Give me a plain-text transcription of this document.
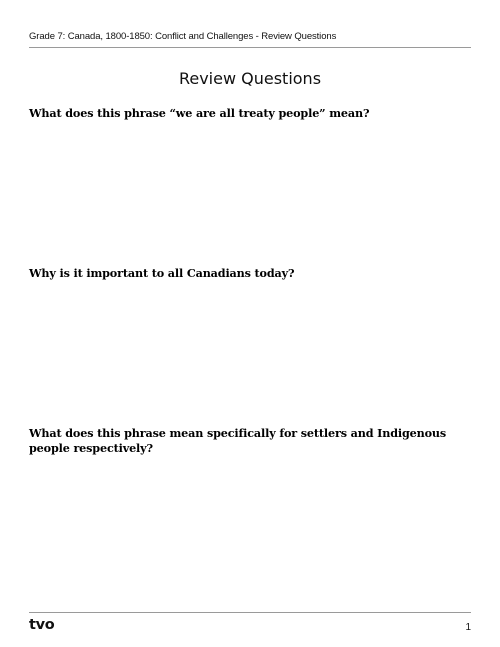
Grade 7: Canada, 1800-1850: Conflict and Challenges - Review Questions
Review Questions

What does this phrase “we are all treaty people” mean?

Why is it important to all Canadians today?

What does this phrase mean specifically for settlers and Indigenous people respectively?

tvo	1
